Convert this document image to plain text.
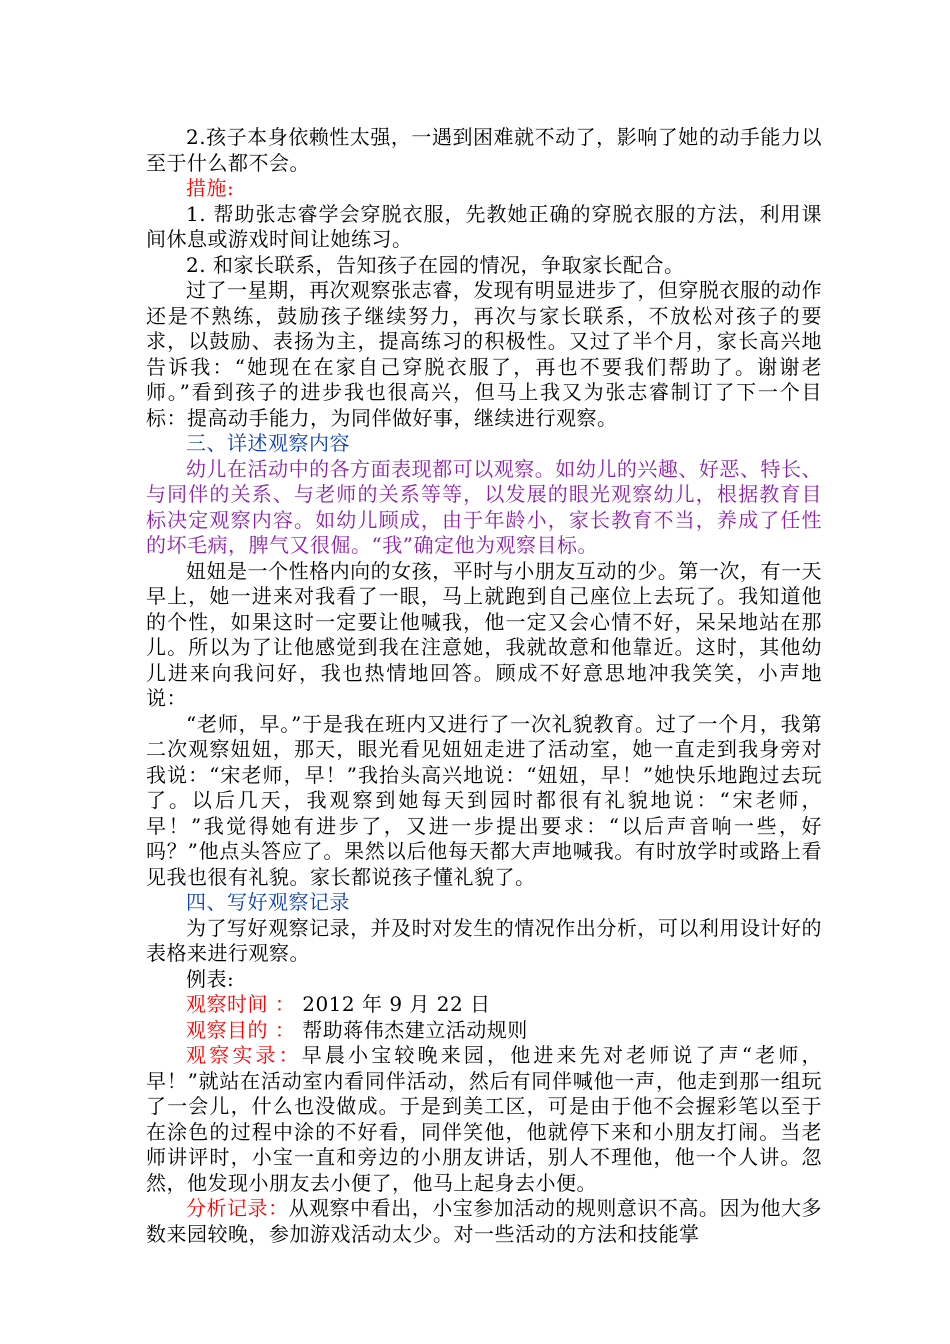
2.孩子本身依赖性太强，一遇到困难就不动了，影响了她的动手能力以至于什么都不会。

措施:

1. 帮助张志睿学会穿脱衣服，先教她正确的穿脱衣服的方法，利用课间休息或游戏时间让她练习。

2. 和家长联系，告知孩子在园的情况，争取家长配合。

过了一星期，再次观察张志睿，发现有明显进步了，但穿脱衣服的动作还是不熟练，鼓励孩子继续努力，再次与家长联系，不放松对孩子的要求，以鼓励、表扬为主，提高练习的积极性。又过了半个月，家长高兴地告诉我：“她现在在家自己穿脱衣服了，再也不要我们帮助了。谢谢老师。”看到孩子的进步我也很高兴，但马上我又为张志睿制订了下一个目标：提高动手能力，为同伴做好事，继续进行观察。

三、详述观察内容

幼儿在活动中的各方面表现都可以观察。如幼儿的兴趣、好恶、特长、与同伴的关系、与老师的关系等等，以发展的眼光观察幼儿，根据教育目标决定观察内容。如幼儿顾成，由于年龄小，家长教育不当，养成了任性的坏毛病，脾气又很倔。“我”确定他为观察目标。

妞妞是一个性格内向的女孩，平时与小朋友互动的少。第一次，有一天早上，她一进来对我看了一眼，马上就跑到自己座位上去玩了。我知道他的个性，如果这时一定要让他喊我，他一定又会心情不好，呆呆地站在那儿。所以为了让他感觉到我在注意她，我就故意和他靠近。这时，其他幼儿进来向我问好，我也热情地回答。顾成不好意思地冲我笑笑，小声地说：

“老师，早。”于是我在班内又进行了一次礼貌教育。过了一个月，我第二次观察妞妞，那天，眼光看见妞妞走进了活动室，她一直走到我身旁对我说：“宋老师，早！”我抬头高兴地说：“妞妞，早！”她快乐地跑过去玩了。以后几天，我观察到她每天到园时都很有礼貌地说：“宋老师，早！”我觉得她有进步了，又进一步提出要求：“以后声音响一些，好吗？”他点头答应了。果然以后他每天都大声地喊我。有时放学时或路上看见我也很有礼貌。家长都说孩子懂礼貌了。

四、写好观察记录

为了写好观察记录，并及时对发生的情况作出分析，可以利用设计好的表格来进行观察。

例表:

观察时间 ： 2012 年 9 月 22 日

观察目的 ： 帮助蒋伟杰建立活动规则

观察实录：早晨小宝较晚来园，他进来先对老师说了声“老师，早！”就站在活动室内看同伴活动，然后有同伴喊他一声，他走到那一组玩了一会儿，什么也没做成。于是到美工区，可是由于他不会握彩笔以至于在涂色的过程中涂的不好看，同伴笑他，他就停下来和小朋友打闹。当老师讲评时，小宝一直和旁边的小朋友讲话，别人不理他，他一个人讲。忽然，他发现小朋友去小便了，他马上起身去小便。

分析记录：从观察中看出，小宝参加活动的规则意识不高。因为他大多数来园较晚，参加游戏活动太少。对一些活动的方法和技能掌
